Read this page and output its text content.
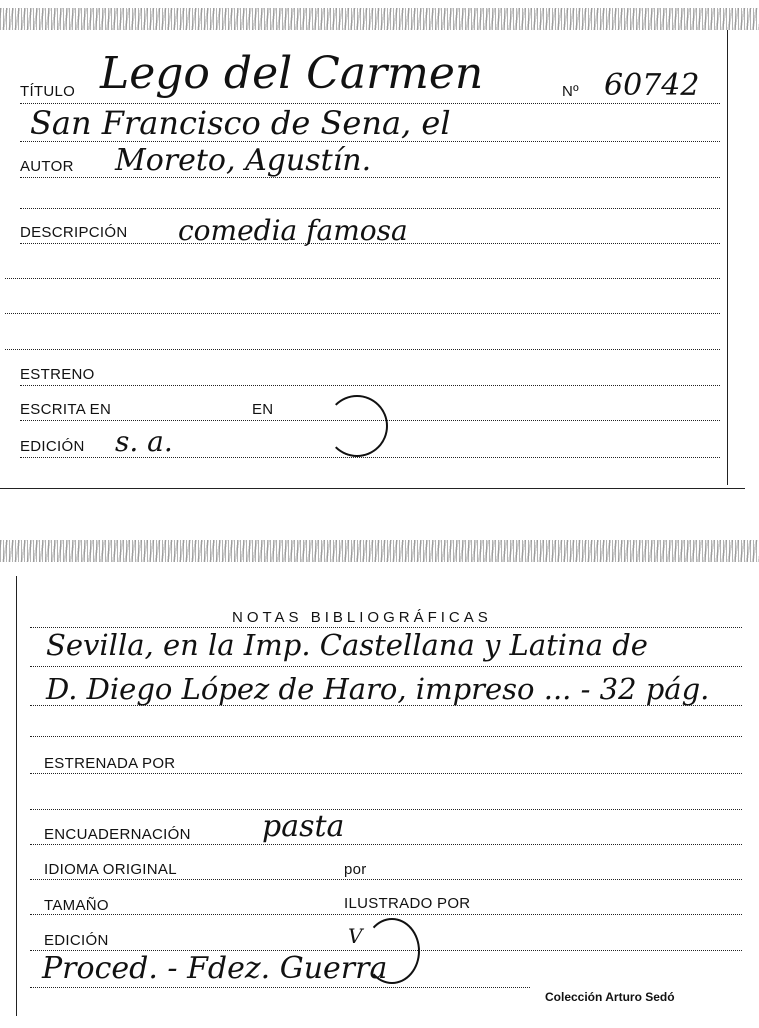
TÍTULO Lego del Carmen	Nº 60742
San Francisco de Sena, el
AUTOR Moreto, Agustín.
DESCRIPCIÓN comedia famosa
ESTRENO
ESCRITA EN	EN
EDICIÓN s. a.
NOTAS BIBLIOGRÁFICAS
Sevilla, en la Imp. Castellana y Latina de
D. Diego López de Haro, impreso ... - 32 pág.
ESTRENADA POR
ENCUADERNACIÓN pasta
IDIOMA ORIGINAL	por
TAMAÑO	ILUSTRADO POR
EDICIÓN	V
Proced. - Fdez. Guerra
Colección Arturo Sedó
